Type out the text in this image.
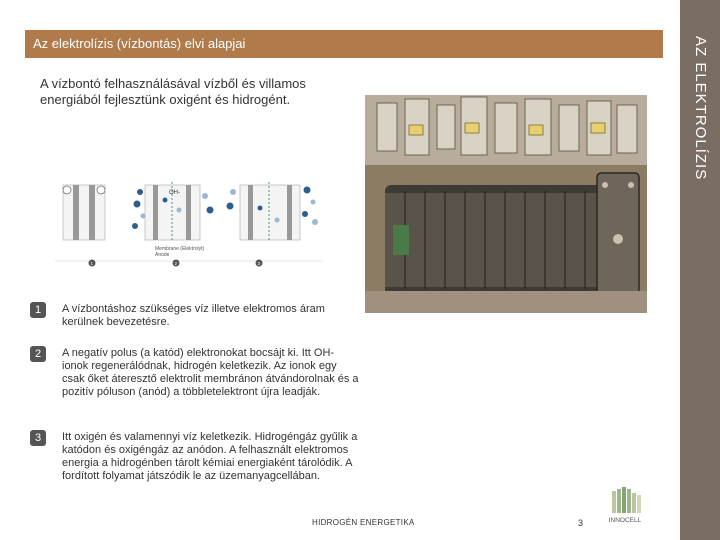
Az elektrolízis (vízbontás) elvi alapjai	AZ ELEKTROLÍZIS
A vízbontó felhasználásával vízből és villamos energiából fejlesztünk oxigént és hidrogént.
OH-
Membrane (Elektrolyt)
Anode
1	2	3
1	A vízbontáshoz szükséges víz illetve elektromos áram kerülnek bevezetésre.
2	A negatív polus (a katód) elektronokat bocsájt ki. Itt OH- ionok regenerálódnak, hidrogén keletkezik. Az ionok egy csak őket áteresztő elektrolit membránon átvándorolnak és a pozitív póluson (anód) a többletelektront újra leadják.
3	Itt oxigén és valamennyi víz keletkezik. Hidrogéngáz gyűlik a katódon és oxigéngáz az anódon. A felhasznált elektromos energia a hidrogénben tárolt kémiai energiaként tárolódik. A fordított folyamat játszódik le az üzemanyagcellában.
HIDROGÉN ENERGETIKA	3	INNOCELL
